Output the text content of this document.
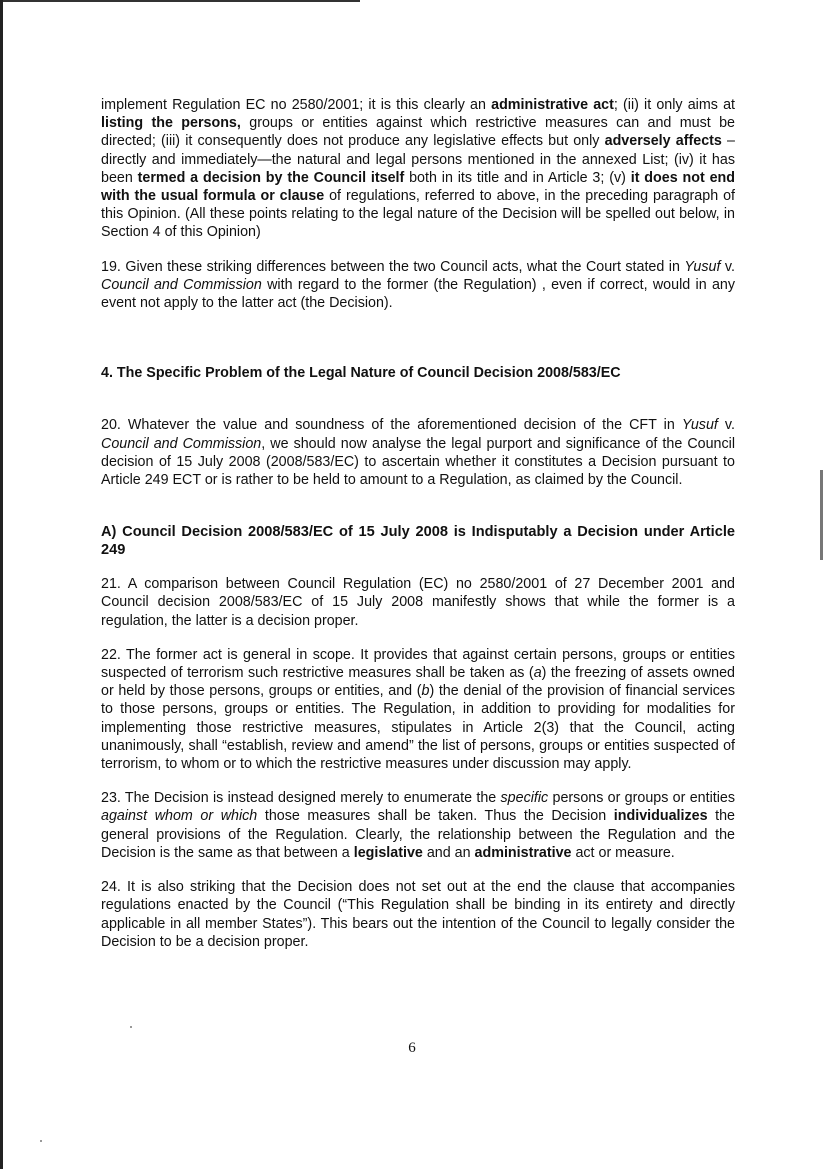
implement Regulation EC no 2580/2001; it is this clearly an administrative act; (ii) it only aims at listing the persons, groups or entities against which restrictive measures can and must be directed; (iii) it consequently does not produce any legislative effects but only adversely affects – directly and immediately—the natural and legal persons mentioned in the annexed List; (iv) it has been termed a decision by the Council itself both in its title and in Article 3; (v) it does not end with the usual formula or clause of regulations, referred to above, in the preceding paragraph of this Opinion. (All these points relating to the legal nature of the Decision will be spelled out below, in Section 4 of this Opinion)

19. Given these striking differences between the two Council acts, what the Court stated in Yusuf v. Council and Commission with regard to the former (the Regulation) , even if correct, would in any event not apply to the latter act (the Decision).

4. The Specific Problem of the Legal Nature of Council Decision 2008/583/EC

20. Whatever the value and soundness of the aforementioned decision of the CFT in Yusuf v. Council and Commission, we should now analyse the legal purport and significance of the Council decision of 15 July 2008 (2008/583/EC) to ascertain whether it constitutes a Decision pursuant to Article 249 ECT or is rather to be held to amount to a Regulation, as claimed by the Council.

A) Council Decision 2008/583/EC of 15 July 2008 is Indisputably a Decision under Article 249

21. A comparison between Council Regulation (EC) no 2580/2001 of 27 December 2001 and Council decision 2008/583/EC of 15 July 2008 manifestly shows that while the former is a regulation, the latter is a decision proper.

22. The former act is general in scope. It provides that against certain persons, groups or entities suspected of terrorism such restrictive measures shall be taken as (a) the freezing of assets owned or held by those persons, groups or entities, and (b) the denial of the provision of financial services to those persons, groups or entities. The Regulation, in addition to providing for modalities for implementing those restrictive measures, stipulates in Article 2(3) that the Council, acting unanimously, shall “establish, review and amend” the list of persons, groups or entities suspected of terrorism, to whom or to which the restrictive measures under discussion may apply.

23. The Decision is instead designed merely to enumerate the specific persons or groups or entities against whom or which those measures shall be taken. Thus the Decision individualizes the general provisions of the Regulation. Clearly, the relationship between the Regulation and the Decision is the same as that between a legislative and an administrative act or measure.

24. It is also striking that the Decision does not set out at the end the clause that accompanies regulations enacted by the Council (“This Regulation shall be binding in its entirety and directly applicable in all member States”). This bears out the intention of the Council to legally consider the Decision to be a decision proper.

6
